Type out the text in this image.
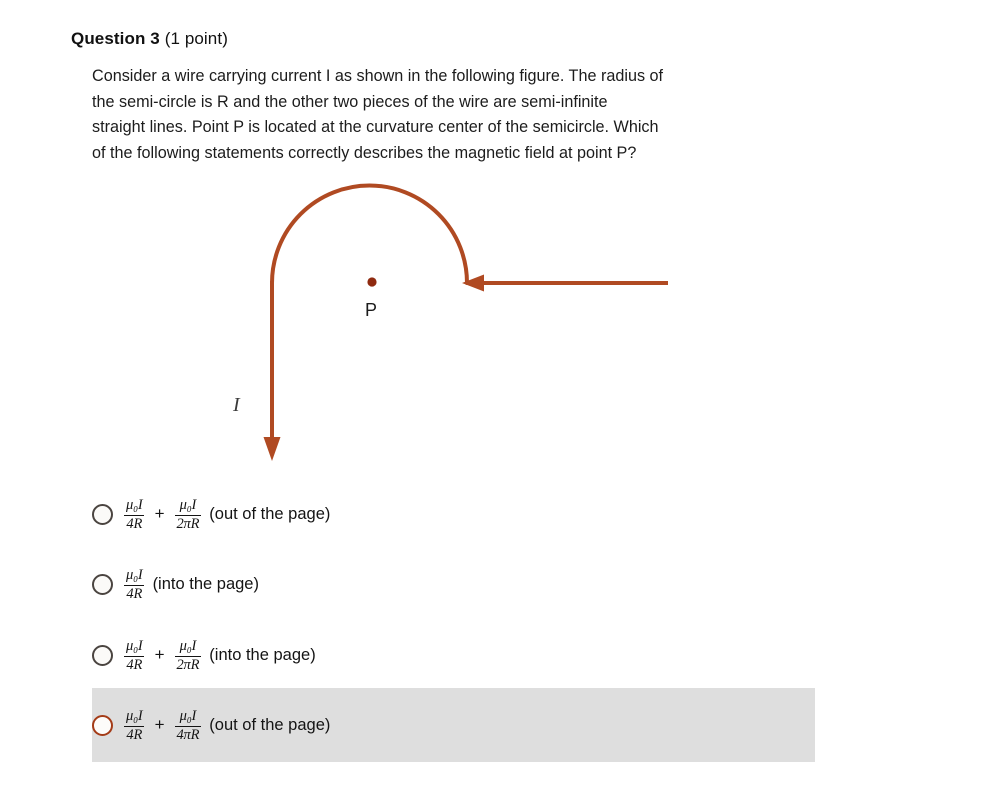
Question 3 (1 point)
Consider a wire carrying current I as shown in the following figure. The radius of
the semi-circle is R and the other two pieces of the wire are semi-infinite
straight lines. Point P is located at the curvature center of the semicircle. Which
of the following statements correctly describes the magnetic field at point P?
P
I
$\frac{\text{μ₀I}}{4R} + \frac{\text{μ₀I}}{2\pi R} (out$ of the page)
$\frac{\text{μ₀I}}{4R}$ (into the page)
$\frac{\text{μ₀I}}{4R} + \frac{\text{μ₀I}}{2\pi R}$ (into the page)
$\frac{\text{μ₀I}}{4R} + \frac{\text{μ₀I}}{4\pi R} (out$ of the page)
